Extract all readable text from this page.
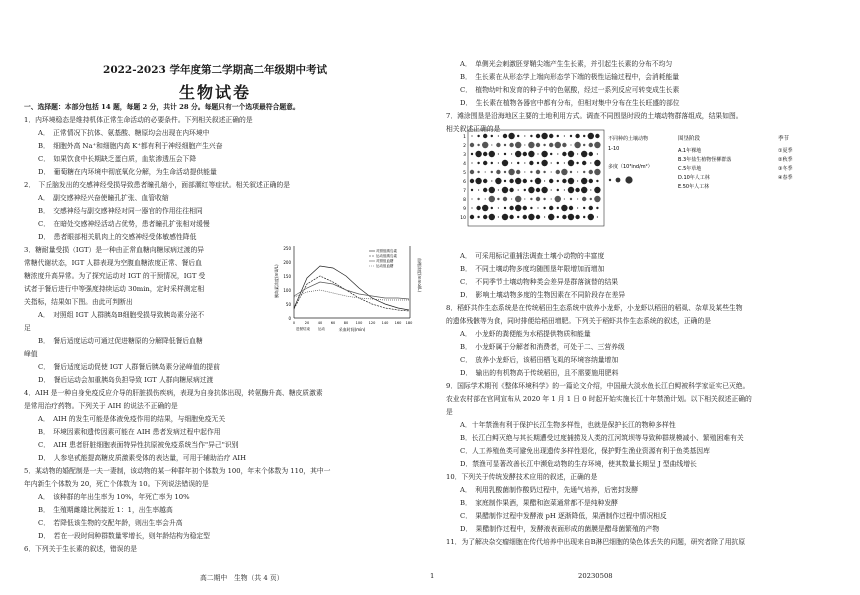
2022-2023 学年度第二学期高二年级期中考试
生物试卷
一、选择题：本部分包括 14 题，每题 2 分，共计 28 分。每题只有一个选项最符合题意。
1．内环境稳态是维持机体正常生命活动的必要条件。下列相关叙述正确的是
A．　正常情况下抗体、氨基酸、糖原均会出现在内环境中
B．　细胞外高 Na⁺和细胞内高 K⁺都有利于神经细胞产生兴奋
C．　如果饮食中长期缺乏蛋白质，血浆渗透压会下降
D．　葡萄糖在内环境中彻底氧化分解，为生命活动提供能量
2．　下丘脑发出的交感神经受损导致患者瞳孔缩小，面部潮红等症状。相关叙述正确的是
A．　副交感神经兴奋使瞳孔扩张、血管收缩
B．　交感神经与副交感神经对同一器官的作用往往相同
C．　在暗处交感神经活动占优势，患者瞳孔扩张相对缓慢
D．　患者眼部相关肌肉上的交感神经受体敏感性降低
3．糖耐量受损（IGT）是一种由正常血糖向糖尿病过渡的异
常糖代谢状态，IGT 人群表现为空腹血糖浓度正常、餐后血
糖浓度升高异常。为了探究运动对 IGT 的干预情况，IGT 受
试者于餐后进行中等强度持续运动 30min，定时采样测定相
关指标，结果如下图。由此可判断出
A．　对照组 IGT 人群胰岛B细胞受损导致胰岛素分泌不
足
B．　餐后适度运动可通过促进糖原的分解降低餐后血糖
峰值
C．　餐后适度运动促使 IGT 人群餐后胰岛素分泌峰值的提前
D．　餐后运动会加重胰岛负担导致 IGT 人群向糖尿病过渡
0
50
100
150
200
250
胰岛素浓度(mU/L)	血糖浓度(mmol/L)
对照组胰岛素
运动组胰岛素
对照组血糖
运动组血糖
0	20 40 60 80 100 120 140 160 180
采血时间(min)
进餐结束 运动
4．AIH 是一种自身免疫反应介导的肝脏损伤疾病，表现为自身抗体出现，转氨酶升高、糖皮质激素
是常用治疗药物。下列关于 AIH 的说法不正确的是
A．　AIH 的发生可能是体液免疫作用的结果，与细胞免疫无关
B．　环境因素和遗传因素可能在 AIH 患者发病过程中起作用
C．　AIH 患者肝脏细胞表面特异性抗原被免疫系统当作"异己"识别
D．　人参皂甙能提高糖皮质激素受体的表达量，可用于辅助治疗 AIH
5．某动物的婚配制是一夫一妻制，该动物的某一种群年初个体数为 100，年末个体数为 110，其中一
年内新生个体数为 20，死亡个体数为 10。下列说法错误的是
A．　该种群的年出生率为 10%，年死亡率为 10%
B．　生殖期雌雄比例接近 1：1，出生率越高
C．　若降低该生物的交配年龄，则出生率会升高
D．　若在一段时间种群数量零增长，则年龄结构为稳定型
6．下列关于生长素的叙述，错误的是
高二期中　生物（共 4 页）
A．　单侧光会刺激胚芽鞘尖端产生生长素，并引起生长素的分布不均匀
B．　生长素在从形态学上端向形态学下端的极性运输过程中，会消耗能量
C．　植物幼叶和发育的种子中的色氨酸，经过一系列反应可转变成生长素
D．　生长素在植物各器官中都有分布，但相对集中分布在生长旺盛的部位
7．滩涂围垦是沿海地区主要的土地利用方式。调查不同围垦时段的土壤动物群落组成，结果如图。
相关叙述正确的是
1
2
3
4
5
6
7
8
9
10
不同种的土壤动物
1-10
多度（10³ind/m²）
围垦阶段
A.1年裸地
B.3年盐生植物怪柳群落
C.5年草地
D.10年人工林
E.50年人工林
季节
①夏季
②秋季
③冬季
④春季
A．　可采用标记重捕法调查土壤小动物的丰富度
B．　不同土壤动物多度均随围垦年限增加而增加
C．　不同季节土壤动物种类会差异是群落演替的结果
D．　影响土壤动物多度的生物因素在不同阶段存在差异
8．稻虾共作生态系统是在传统稻田生态系统中放养小龙虾，小龙虾以稻田的稻虱、杂草及某些生物
的遗体残骸等为食，同时排便给稻田增肥。下列关于稻虾共作生态系统的叙述，正确的是
A．　小龙虾的粪便能为水稻提供物质和能量
B．　小龙虾属于分解者和消费者，可处于二、三营养级
C．　放养小龙虾后，该稻田栖飞虱的环境容纳量增加
D．　输出的有机物高于传统稻田，且不需要施用肥料
9．国际学术期刊《整体环境科学》的一篇论文介绍，中国最大淡水鱼长江白鲟被科学家证实已灭绝。
农业农村部在官网宣布从 2020 年 1 月 1 日 0 时起开始实施长江十年禁渔计划。以下相关叙述正确的
是
A．十年禁渔有利于保护长江生物多样性，也就是保护长江的物种多样性
B．长江白鲟灭绝与其长期遭受过度捕捞及人类的江河筑坝等导致种群规模减小、繁殖困难有关
C．人工养殖鱼类可避免出现遗传多样性退化，保护野生渔业资源有利于鱼类基因库
D．禁渔可显著改善长江中濒危动物的生存环境，使其数量长期呈 J 型曲线增长
10．下列关于传统发酵技术应用的叙述，正确的是
A．　利用乳酸菌制作酸奶过程中，先通气培养，后密封发酵
B．　家庭制作果酒，果醋和泡菜通常都不是纯种发酵
C．　果醋制作过程中发酵液 pH 逐渐降低，果酒制作过程中情况相反
D．　果醋制作过程中，发酵液表面形成的菌膜是醋母菌繁殖的产物
11．为了解决杂交瘤细胞在传代培养中出现来自B淋巴细胞的染色体丢失的问题，研究者除了用抗原
1	20230508
